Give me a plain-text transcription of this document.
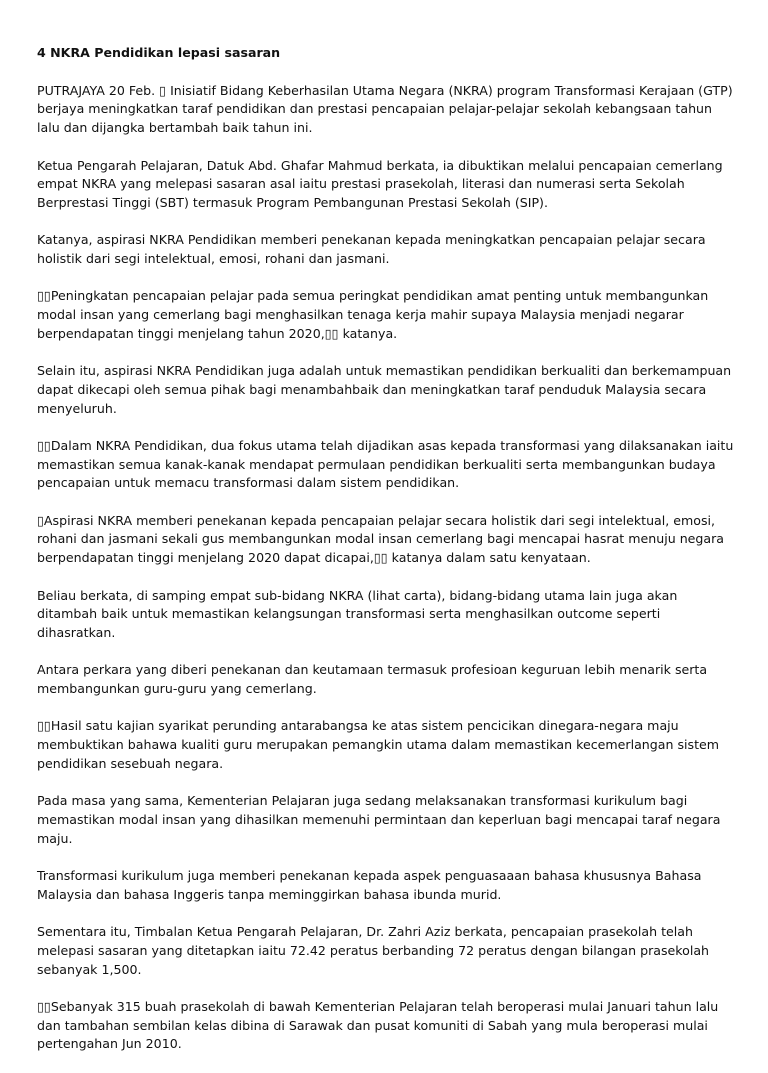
4 NKRA Pendidikan lepasi sasaran

PUTRAJAYA 20 Feb. ▯ Inisiatif Bidang Keberhasilan Utama Negara (NKRA) program Transformasi Kerajaan (GTP) berjaya meningkatkan taraf pendidikan dan prestasi pencapaian pelajar-pelajar sekolah kebangsaan tahun lalu dan dijangka bertambah baik tahun ini.

Ketua Pengarah Pelajaran, Datuk Abd. Ghafar Mahmud berkata, ia dibuktikan melalui pencapaian cemerlang empat NKRA yang melepasi sasaran asal iaitu prestasi prasekolah, literasi dan numerasi serta Sekolah Berprestasi Tinggi (SBT) termasuk Program Pembangunan Prestasi Sekolah (SIP).

Katanya, aspirasi NKRA Pendidikan memberi penekanan kepada meningkatkan pencapaian pelajar secara holistik dari segi intelektual, emosi, rohani dan jasmani.

▯▯Peningkatan pencapaian pelajar pada semua peringkat pendidikan amat penting untuk membangunkan modal insan yang cemerlang bagi menghasilkan tenaga kerja mahir supaya Malaysia menjadi negarar berpendapatan tinggi menjelang tahun 2020,▯▯ katanya.

Selain itu, aspirasi NKRA Pendidikan juga adalah untuk memastikan pendidikan berkualiti dan berkemampuan dapat dikecapi oleh semua pihak bagi menambahbaik dan meningkatkan taraf penduduk Malaysia secara menyeluruh.

▯▯Dalam NKRA Pendidikan, dua fokus utama telah dijadikan asas kepada transformasi yang dilaksanakan iaitu memastikan semua kanak-kanak mendapat permulaan pendidikan berkualiti serta membangunkan budaya pencapaian untuk memacu transformasi dalam sistem pendidikan.

▯Aspirasi NKRA memberi penekanan kepada pencapaian pelajar secara holistik dari segi intelektual, emosi, rohani dan jasmani sekali gus membangunkan modal insan cemerlang bagi mencapai hasrat menuju negara berpendapatan tinggi menjelang 2020 dapat dicapai,▯▯ katanya dalam satu kenyataan.

Beliau berkata, di samping empat sub-bidang NKRA (lihat carta), bidang-bidang utama lain juga akan ditambah baik untuk memastikan kelangsungan transformasi serta menghasilkan outcome seperti dihasratkan.

Antara perkara yang diberi penekanan dan keutamaan termasuk profesioan keguruan lebih menarik serta membangunkan guru-guru yang cemerlang.

▯▯Hasil satu kajian syarikat perunding antarabangsa ke atas sistem pencicikan dinegara-negara maju membuktikan bahawa kualiti guru merupakan pemangkin utama dalam memastikan kecemerlangan sistem pendidikan sesebuah negara.

Pada masa yang sama, Kementerian Pelajaran juga sedang melaksanakan transformasi kurikulum bagi memastikan modal insan yang dihasilkan memenuhi permintaan dan keperluan bagi mencapai taraf negara maju.

Transformasi kurikulum juga memberi penekanan kepada aspek penguasaaan bahasa khususnya Bahasa Malaysia dan bahasa Inggeris tanpa meminggirkan bahasa ibunda murid.

Sementara itu, Timbalan Ketua Pengarah Pelajaran, Dr. Zahri Aziz berkata, pencapaian prasekolah telah melepasi sasaran yang ditetapkan iaitu 72.42 peratus berbanding 72 peratus dengan bilangan prasekolah sebanyak 1,500.

▯▯Sebanyak 315 buah prasekolah di bawah Kementerian Pelajaran telah beroperasi mulai Januari tahun lalu dan tambahan sembilan kelas dibina di Sarawak dan pusat komuniti di Sabah yang mula beroperasi mulai pertengahan Jun 2010.
